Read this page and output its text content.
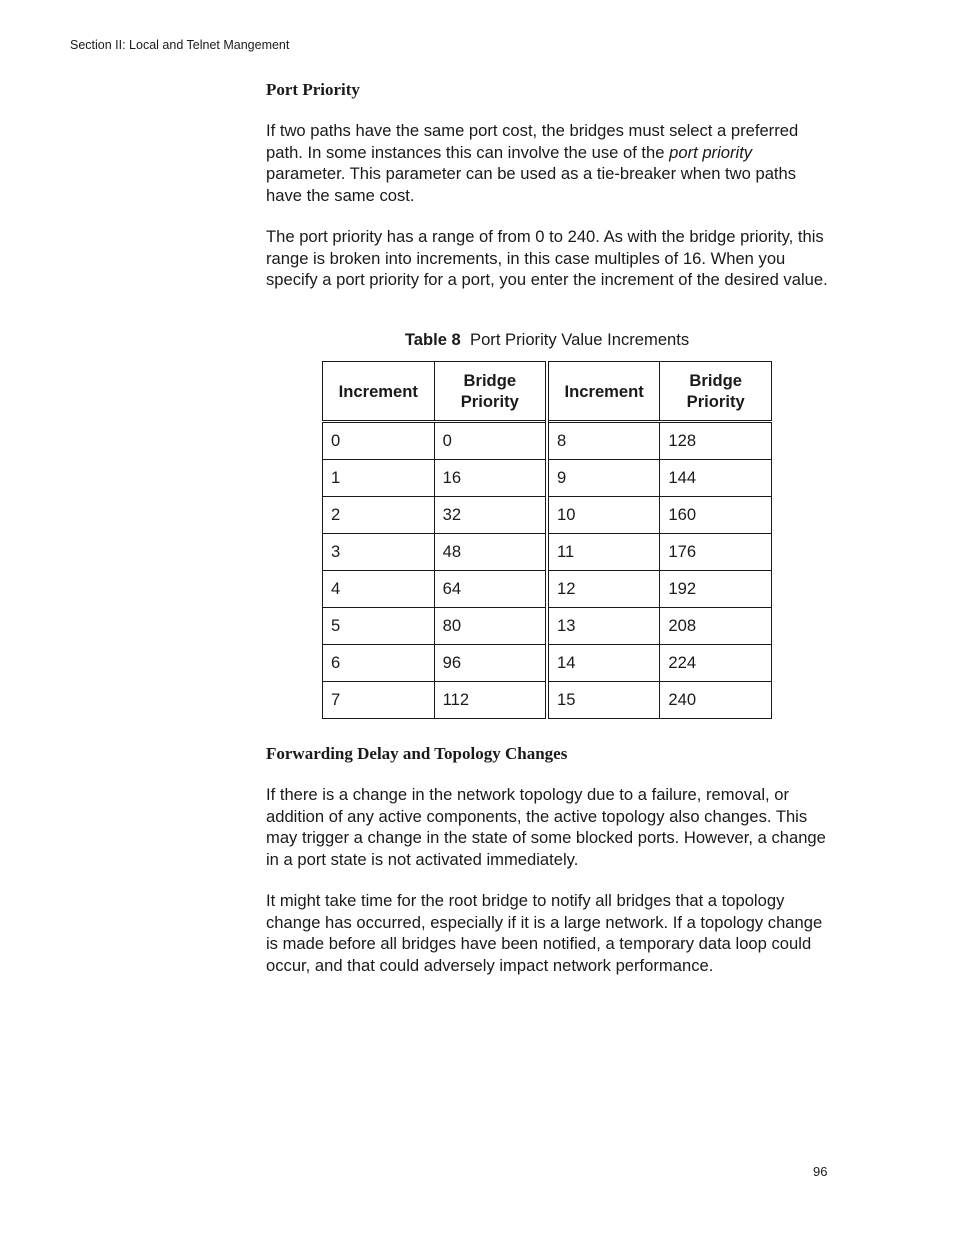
Section II: Local and Telnet Mangement
Port Priority

If two paths have the same port cost, the bridges must select a preferred path. In some instances this can involve the use of the port priority parameter. This parameter can be used as a tie-breaker when two paths have the same cost.

The port priority has a range of from 0 to 240. As with the bridge priority, this range is broken into increments, in this case multiples of 16. When you specify a port priority for a port, you enter the increment of the desired value.

Table 8 Port Priority Value Increments
Increment	Bridge Priority	Increment	Bridge Priority
0	0	8	128
1	16	9	144
2	32	10	160
3	48	11	176
4	64	12	192
5	80	13	208
6	96	14	224
7	112	15	240
Forwarding Delay and Topology Changes

If there is a change in the network topology due to a failure, removal, or addition of any active components, the active topology also changes. This may trigger a change in the state of some blocked ports. However, a change in a port state is not activated immediately.

It might take time for the root bridge to notify all bridges that a topology change has occurred, especially if it is a large network. If a topology change is made before all bridges have been notified, a temporary data loop could occur, and that could adversely impact network performance.

96
